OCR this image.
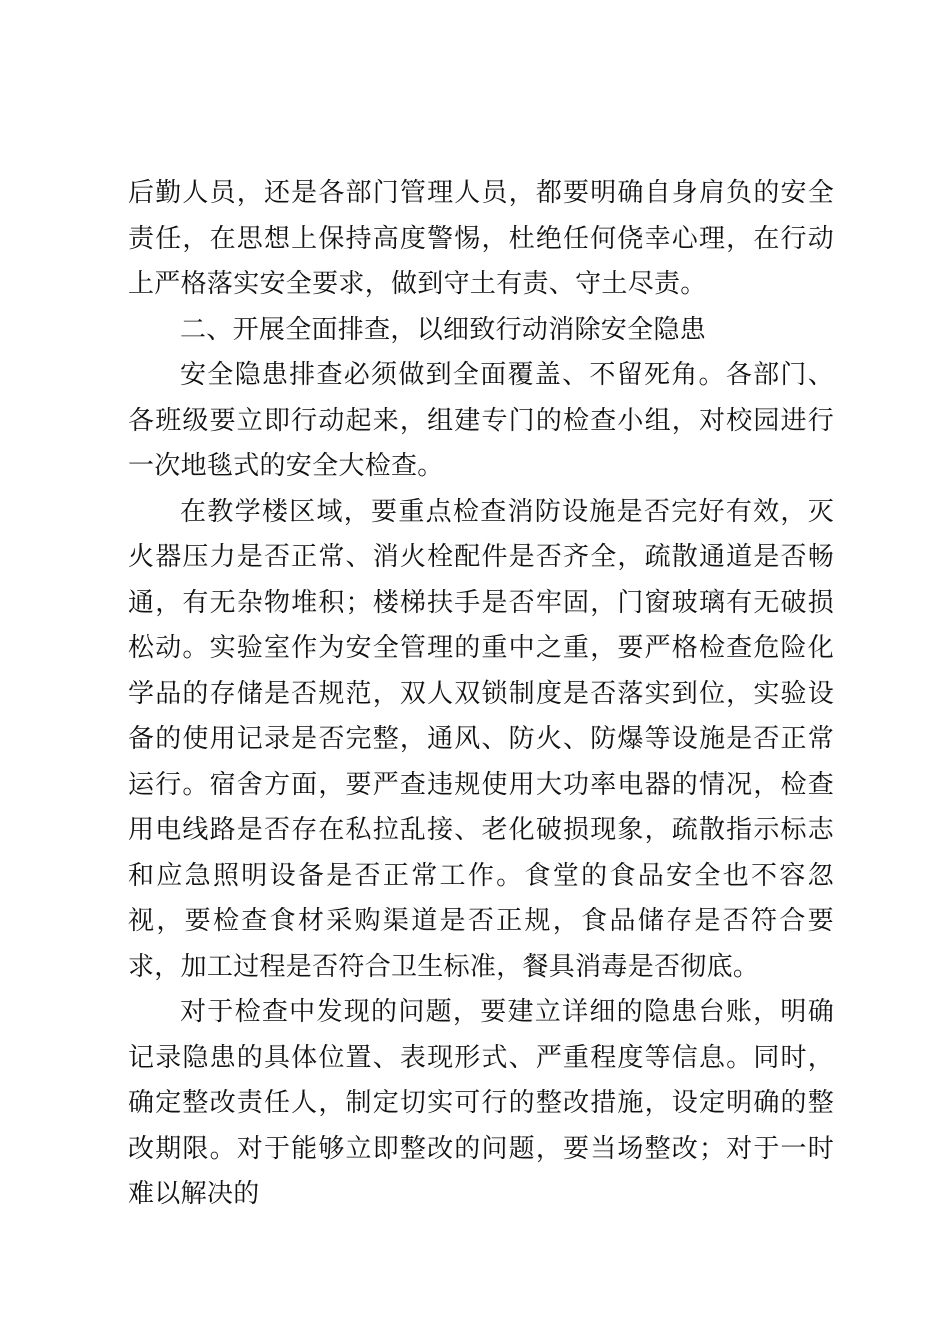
后勤人员，还是各部门管理人员，都要明确自身肩负的安全责任，在思想上保持高度警惕，杜绝任何侥幸心理，在行动上严格落实安全要求，做到守土有责、守土尽责。

二、开展全面排查，以细致行动消除安全隐患

安全隐患排查必须做到全面覆盖、不留死角。各部门、各班级要立即行动起来，组建专门的检查小组，对校园进行一次地毯式的安全大检查。

在教学楼区域，要重点检查消防设施是否完好有效，灭火器压力是否正常、消火栓配件是否齐全，疏散通道是否畅通，有无杂物堆积；楼梯扶手是否牢固，门窗玻璃有无破损松动。实验室作为安全管理的重中之重，要严格检查危险化学品的存储是否规范，双人双锁制度是否落实到位，实验设备的使用记录是否完整，通风、防火、防爆等设施是否正常运行。宿舍方面，要严查违规使用大功率电器的情况，检查用电线路是否存在私拉乱接、老化破损现象，疏散指示标志和应急照明设备是否正常工作。食堂的食品安全也不容忽视，要检查食材采购渠道是否正规，食品储存是否符合要求，加工过程是否符合卫生标准，餐具消毒是否彻底。

对于检查中发现的问题，要建立详细的隐患台账，明确记录隐患的具体位置、表现形式、严重程度等信息。同时，确定整改责任人，制定切实可行的整改措施，设定明确的整改期限。对于能够立即整改的问题，要当场整改；对于一时难以解决的
